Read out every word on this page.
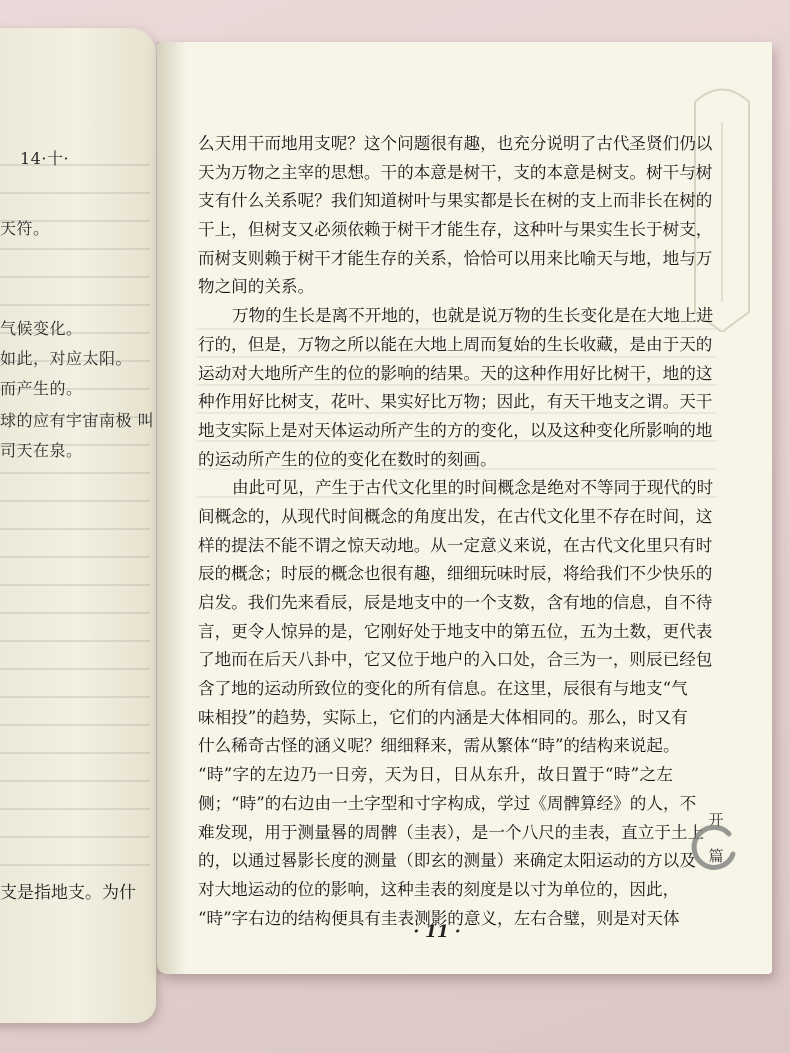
14·十·
天符。
气候变化。
如此，对应太阳。
而产生的。
球的应有宇宙南极 叫
司天在泉。
支是指地支。为什
么天用干而地用支呢？这个问题很有趣，也充分说明了古代圣贤们仍以
天为万物之主宰的思想。干的本意是树干，支的本意是树支。树干与树
支有什么关系呢？我们知道树叶与果实都是长在树的支上而非长在树的
干上，但树支又必须依赖于树干才能生存，这种叶与果实生长于树支，
而树支则赖于树干才能生存的关系，恰恰可以用来比喻天与地，地与万
物之间的关系。
万物的生长是离不开地的，也就是说万物的生长变化是在大地上进
行的，但是，万物之所以能在大地上周而复始的生长收藏，是由于天的
运动对大地所产生的位的影响的结果。天的这种作用好比树干，地的这
种作用好比树支，花叶、果实好比万物；因此，有天干地支之谓。天干
地支实际上是对天体运动所产生的方的变化，以及这种变化所影响的地
的运动所产生的位的变化在数时的刻画。
由此可见，产生于古代文化里的时间概念是绝对不等同于现代的时
间概念的，从现代时间概念的角度出发，在古代文化里不存在时间，这
样的提法不能不谓之惊天动地。从一定意义来说，在古代文化里只有时
辰的概念；时辰的概念也很有趣，细细玩味时辰，将给我们不少快乐的
启发。我们先来看辰，辰是地支中的一个支数，含有地的信息，自不待
言，更令人惊异的是，它刚好处于地支中的第五位，五为土数，更代表
了地而在后天八卦中，它又位于地户的入口处，合三为一，则辰已经包
含了地的运动所致位的变化的所有信息。在这里，辰很有与地支“气
味相投”的趋势，实际上，它们的内涵是大体相同的。那么，时又有
什么稀奇古怪的涵义呢？细细释来，需从繁体“時”的结构来说起。
“時”字的左边乃一日旁，天为日，日从东升，故日置于“時”之左
侧；“時”的右边由一土字型和寸字构成，学过《周髀算经》的人，不
难发现，用于测量晷的周髀（圭表），是一个八尺的圭表，直立于土上
的，以通过晷影长度的测量（即玄的测量）来确定太阳运动的方以及
对大地运动的位的影响，这种圭表的刻度是以寸为单位的，因此，
“時”字右边的结构便具有圭表测影的意义，左右合璧，则是对天体
· 11 ·
开
篇
